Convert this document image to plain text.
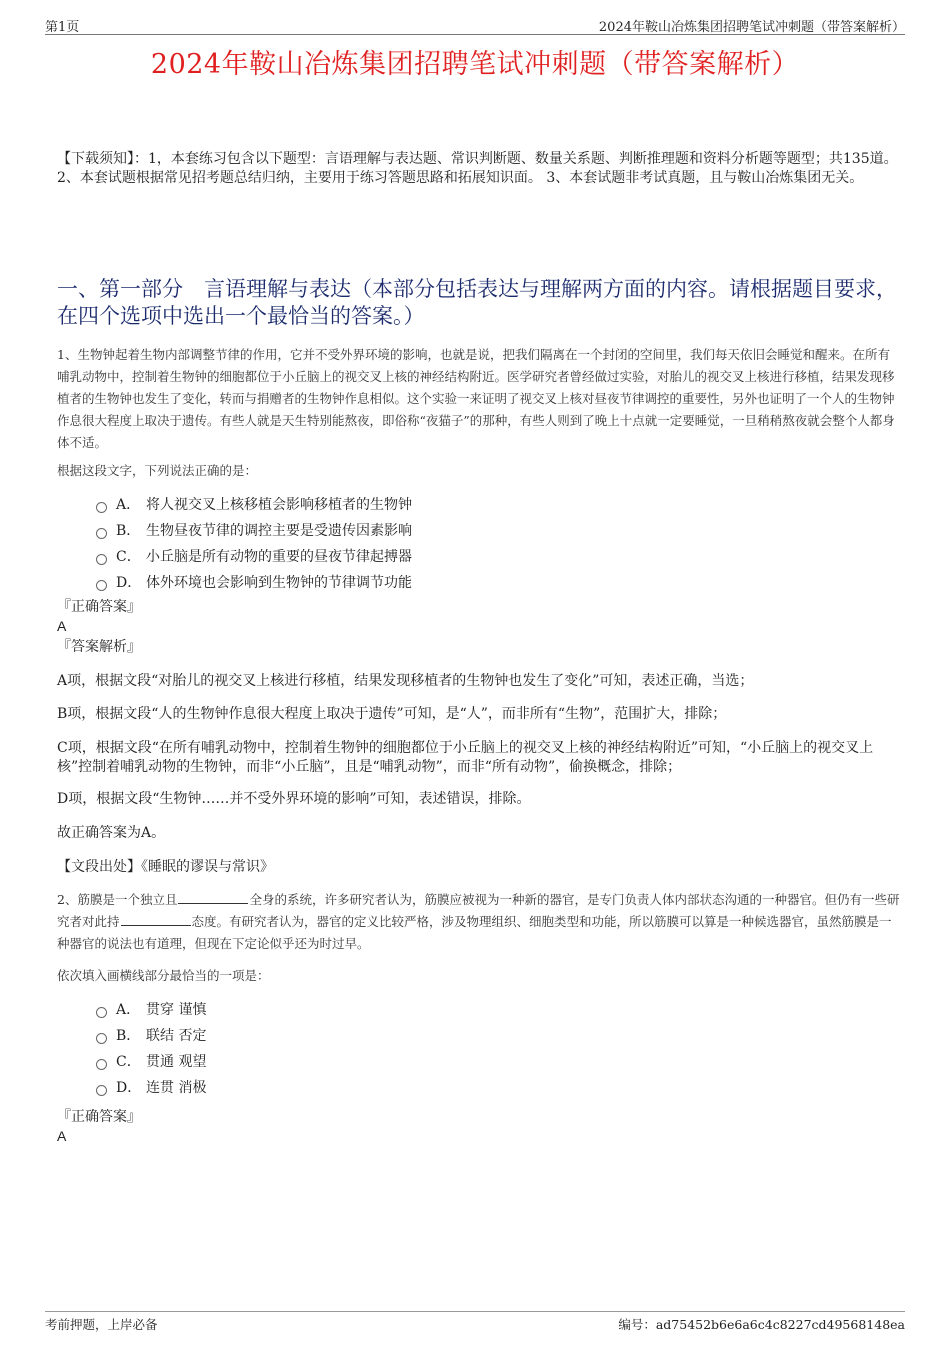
第1页	2024年鞍山冶炼集团招聘笔试冲刺题（带答案解析）
2024年鞍山冶炼集团招聘笔试冲刺题（带答案解析）
【下载须知】：1，本套练习包含以下题型：言语理解与表达题、常识判断题、数量关系题、判断推理题和资料分析题等题型；共135道。 2、本套试题根据常见招考题总结归纳，主要用于练习答题思路和拓展知识面。 3、本套试题非考试真题，且与鞍山冶炼集团无关。
一、第一部分　言语理解与表达（本部分包括表达与理解两方面的内容。请根据题目要求，在四个选项中选出一个最恰当的答案。）
1、生物钟起着生物内部调整节律的作用，它并不受外界环境的影响，也就是说，把我们隔离在一个封闭的空间里，我们每天依旧会睡觉和醒来。在所有哺乳动物中，控制着生物钟的细胞都位于小丘脑上的视交叉上核的神经结构附近。医学研究者曾经做过实验，对胎儿的视交叉上核进行移植，结果发现移植者的生物钟也发生了变化，转而与捐赠者的生物钟作息相似。这个实验一来证明了视交叉上核对昼夜节律调控的重要性，另外也证明了一个人的生物钟作息很大程度上取决于遗传。有些人就是天生特别能熬夜，即俗称“夜猫子”的那种，有些人则到了晚上十点就一定要睡觉，一旦稍稍熬夜就会整个人都身体不适。
根据这段文字，下列说法正确的是：
A． 将人视交叉上核移植会影响移植者的生物钟
B． 生物昼夜节律的调控主要是受遗传因素影响
C． 小丘脑是所有动物的重要的昼夜节律起搏器
D． 体外环境也会影响到生物钟的节律调节功能
『正确答案』
A
『答案解析』
A项，根据文段“对胎儿的视交叉上核进行移植，结果发现移植者的生物钟也发生了变化”可知，表述正确，当选；
B项，根据文段“人的生物钟作息很大程度上取决于遗传”可知，是“人”，而非所有“生物”，范围扩大，排除；
C项，根据文段“在所有哺乳动物中，控制着生物钟的细胞都位于小丘脑上的视交叉上核的神经结构附近”可知，“小丘脑上的视交叉上核”控制着哺乳动物的生物钟，而非“小丘脑”，且是“哺乳动物”，而非“所有动物”，偷换概念，排除；
D项，根据文段“生物钟……并不受外界环境的影响”可知，表述错误，排除。
故正确答案为A。
【文段出处】《睡眠的谬误与常识》
2、筋膜是一个独立且	全身的系统，许多研究者认为，筋膜应被视为一种新的器官，是专门负责人体内部状态沟通的一种器官。但仍有一些研究者对此持	态度。有研究者认为，器官的定义比较严格，涉及物理组织、细胞类型和功能，所以筋膜可以算是一种候选器官，虽然筋膜是一种器官的说法也有道理，但现在下定论似乎还为时过早。
依次填入画横线部分最恰当的一项是：
A． 贯穿 谨慎
B． 联结 否定
C． 贯通 观望
D． 连贯 消极
『正确答案』
A
考前押题，上岸必备	编号：ad75452b6e6a6c4c8227cd49568148ea
